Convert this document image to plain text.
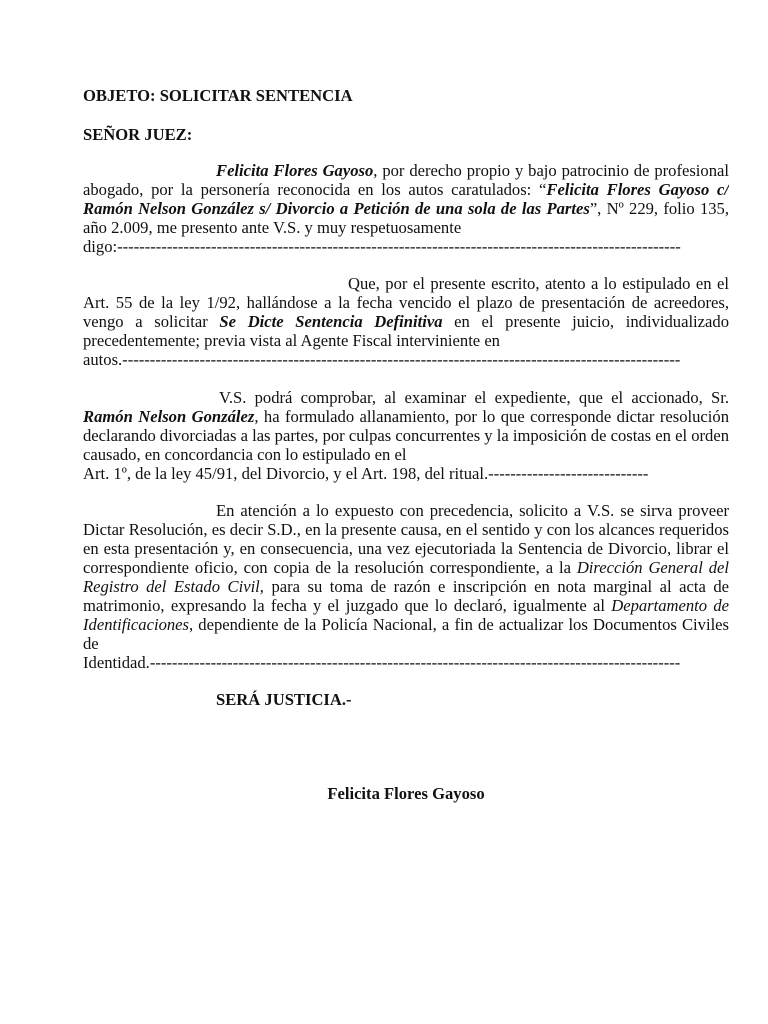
OBJETO: SOLICITAR SENTENCIA
SEÑOR JUEZ:
Felicita Flores Gayoso, por derecho propio y bajo patrocinio de profesional abogado, por la personería reconocida en los autos caratulados: “Felicita Flores Gayoso c/ Ramón Nelson González s/ Divorcio a Petición de una sola de las Partes”, Nº 229, folio 135, año 2.009, me presento ante V.S. y muy respetuosamente
digo:------------------------------------------------------------------------------------------------------
Que, por el presente escrito, atento a lo estipulado en el Art. 55 de la ley 1/92, hallándose a la fecha vencido el plazo de presentación de acreedores, vengo a solicitar Se Dicte Sentencia Definitiva en el presente juicio, individualizado precedentemente; previa vista al Agente Fiscal interviniente en
autos.-----------------------------------------------------------------------------------------------------
V.S. podrá comprobar, al examinar el expediente, que el accionado, Sr. Ramón Nelson González, ha formulado allanamiento, por lo que corresponde dictar resolución declarando divorciadas a las partes, por culpas concurrentes y la imposición de costas en el orden causado, en concordancia con lo estipulado en el
Art. 1º, de la ley 45/91, del Divorcio, y el Art. 198, del ritual.-----------------------------
En atención a lo expuesto con precedencia, solicito a V.S. se sirva proveer Dictar Resolución, es decir S.D., en la presente causa, en el sentido y con los alcances requeridos en esta presentación y, en consecuencia, una vez ejecutoriada la Sentencia de Divorcio, librar el correspondiente oficio, con copia de la resolución correspondiente, a la Dirección General del Registro del Estado Civil, para su toma de razón e inscripción en nota marginal al acta de matrimonio, expresando la fecha y el juzgado que lo declaró, igualmente al Departamento de Identificaciones, dependiente de la Policía Nacional, a fin de actualizar los Documentos Civiles de
Identidad.------------------------------------------------------------------------------------------------
SERÁ JUSTICIA.-
Felicita Flores Gayoso
